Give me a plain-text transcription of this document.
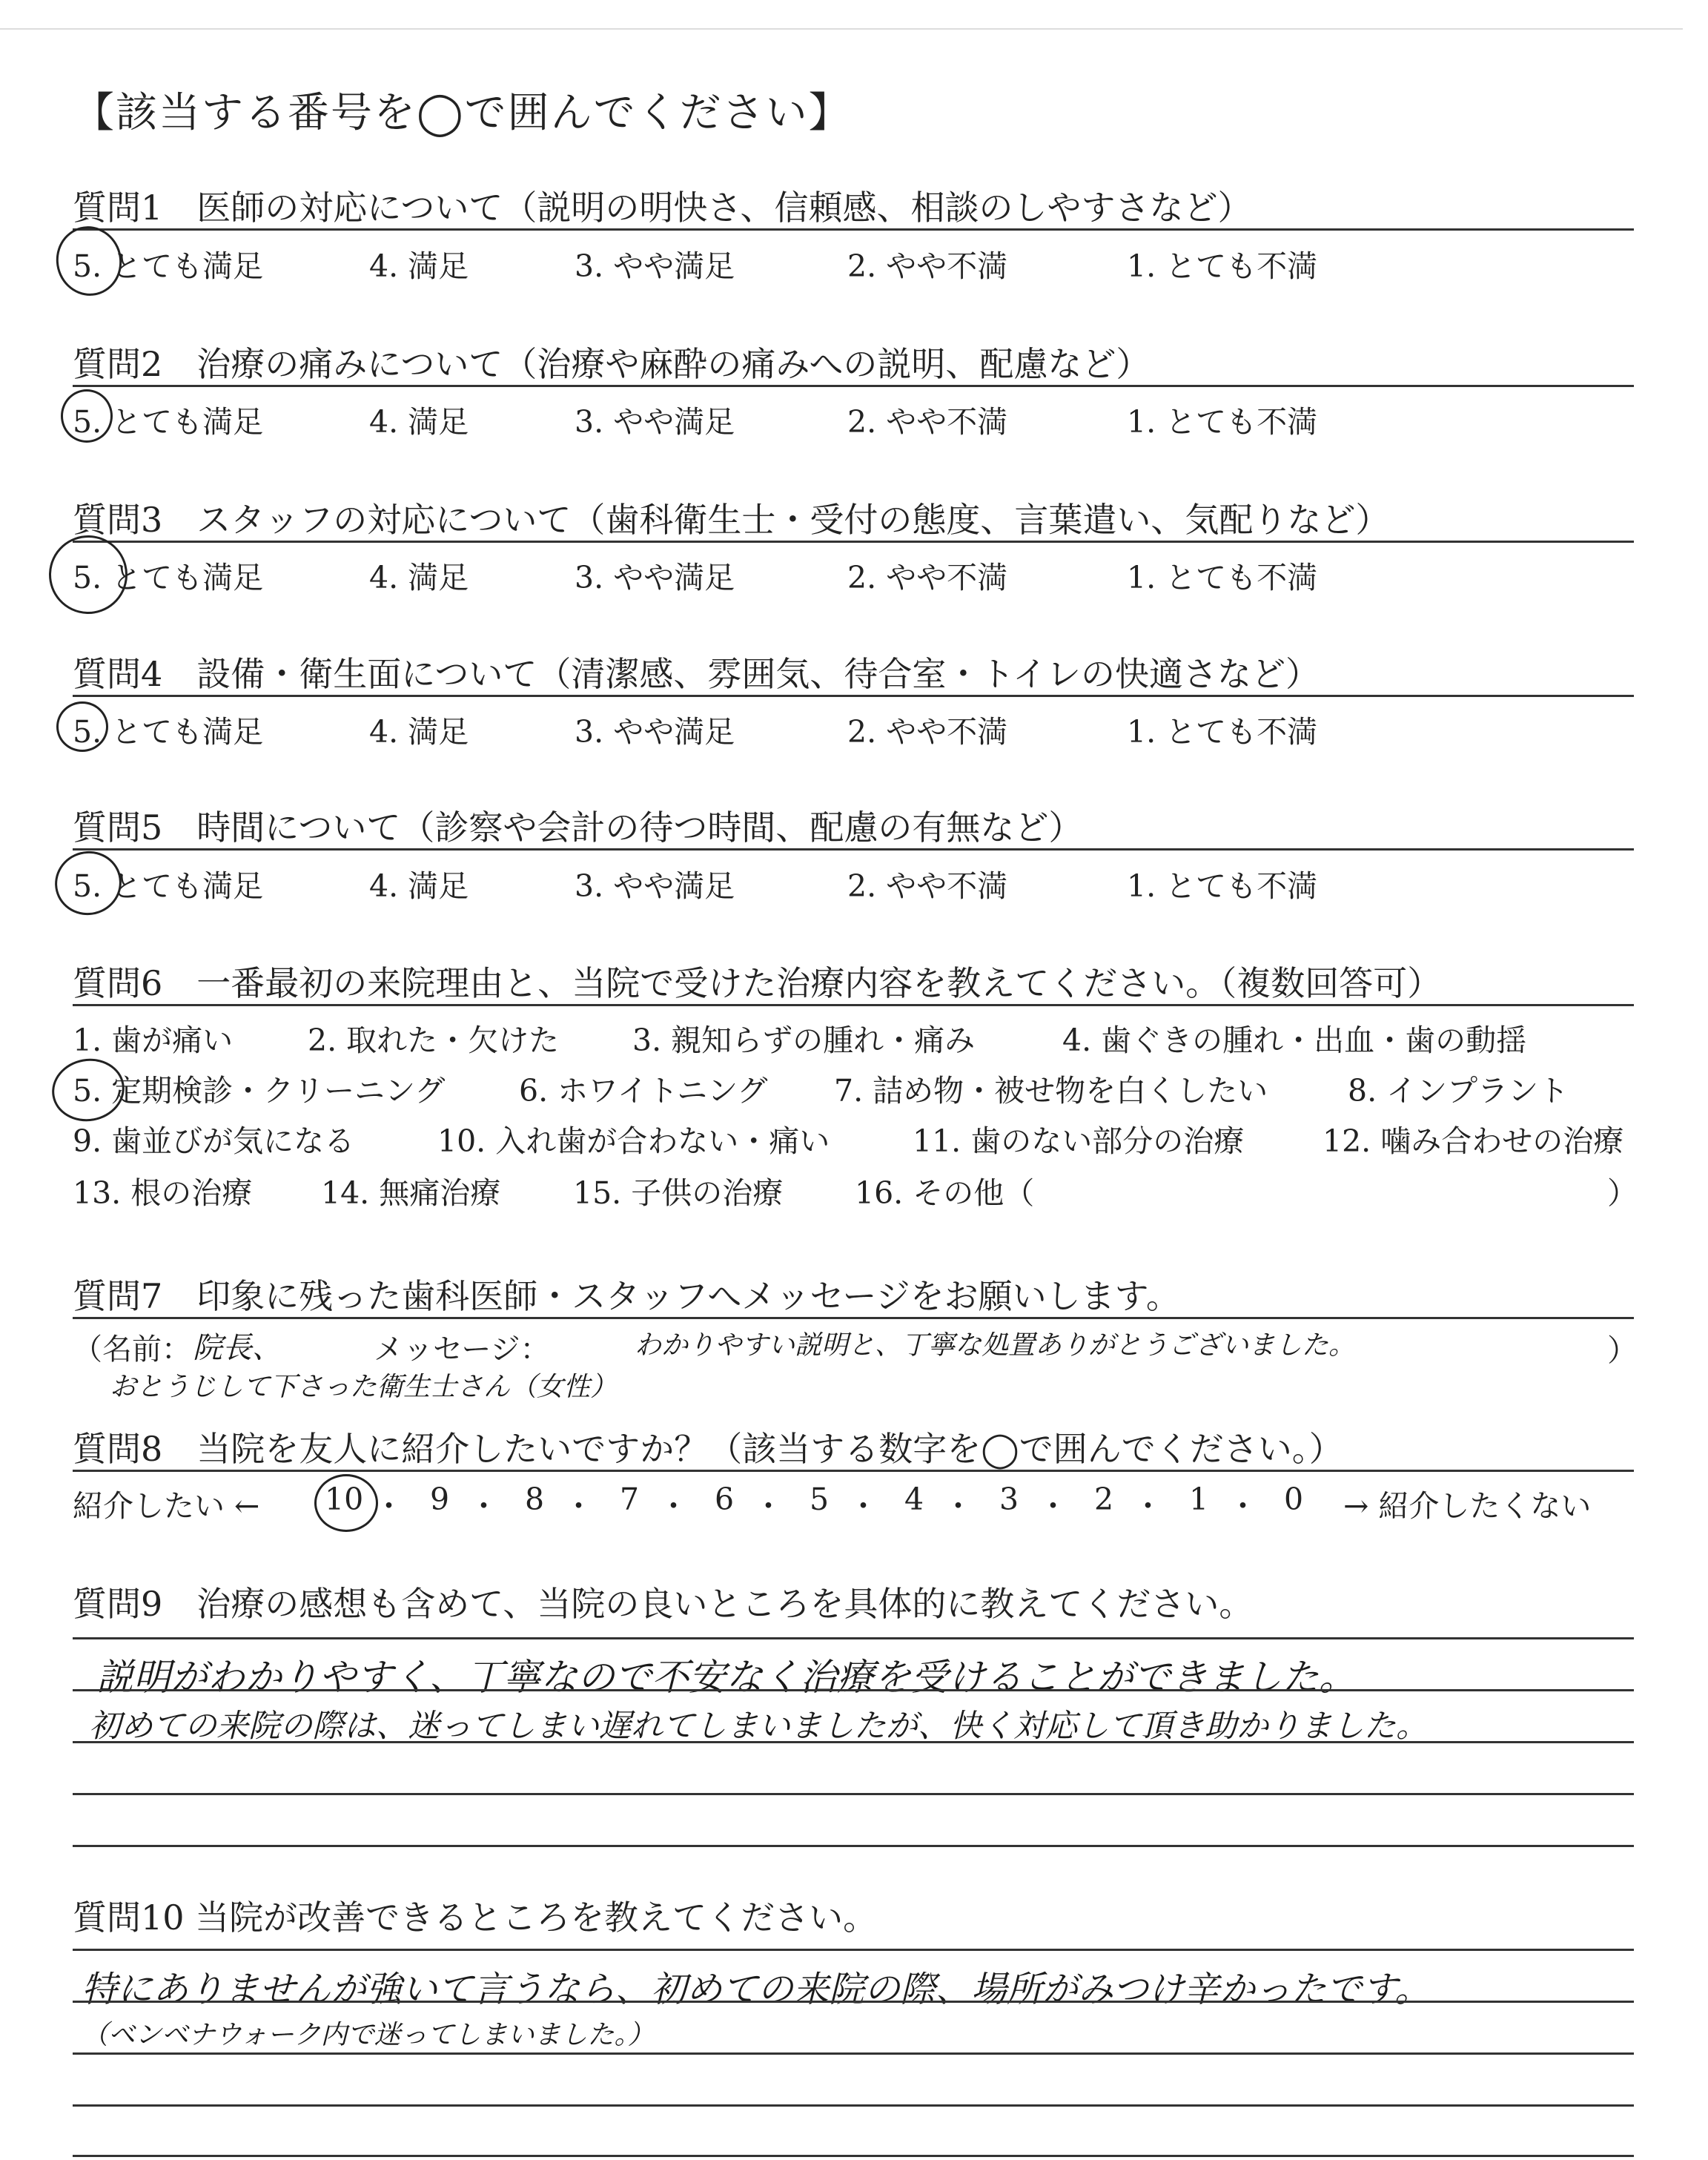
【該当する番号を◯で囲んでください】
質問1　医師の対応について（説明の明快さ、信頼感、相談のしやすさなど）
5. とても満足	4. 満足	3. やや満足	2. やや不満	1. とても不満
質問2　治療の痛みについて（治療や麻酔の痛みへの説明、配慮など）
5. とても満足	4. 満足	3. やや満足	2. やや不満	1. とても不満
質問3　スタッフの対応について（歯科衛生士・受付の態度、言葉遣い、気配りなど）
5. とても満足	4. 満足	3. やや満足	2. やや不満	1. とても不満
質問4　設備・衛生面について（清潔感、雰囲気、待合室・トイレの快適さなど）
5. とても満足	4. 満足	3. やや満足	2. やや不満	1. とても不満
質問5　時間について（診察や会計の待つ時間、配慮の有無など）
5. とても満足	4. 満足	3. やや満足	2. やや不満	1. とても不満
質問6　一番最初の来院理由と、当院で受けた治療内容を教えてください。（複数回答可）
1. 歯が痛い 2. 取れた・欠けた 3. 親知らずの腫れ・痛み	4. 歯ぐきの腫れ・出血・歯の動揺
5. 定期検診・クリーニング 6. ホワイトニング 7. 詰め物・被せ物を白くしたい	8. インプラント
9. 歯並びが気になる	10. 入れ歯が合わない・痛い	11. 歯のない部分の治療	12. 噛み合わせの治療
13. 根の治療 14. 無痛治療 15. 子供の治療 16. その他（	）
質問7　印象に残った歯科医師・スタッフへメッセージをお願いします。
（名前： 院長、
おとうじして下さった衛生士さん（女性）
メッセージ：	わかりやすい説明と、丁寧な処置ありがとうございました。	）
質問8　当院を友人に紹介したいですか？（該当する数字を◯で囲んでください。）
紹介したい ← 10 ・ 9 ・ 8 ・ 7 ・ 6 ・ 5 ・ 4 ・ 3 ・ 2 ・ 1 ・ 0 → 紹介したくない
質問9　治療の感想も含めて、当院の良いところを具体的に教えてください。
説明がわかりやすく、丁寧なので不安なく治療を受けることができました。
初めての来院の際は、迷ってしまい遅れてしまいましたが、快く対応して頂き助かりました。
質問10 当院が改善できるところを教えてください。
特にありませんが強いて言うなら、初めての来院の際、場所がみつけ辛かったです。
（ベンベナウォーク内で迷ってしまいました。）
